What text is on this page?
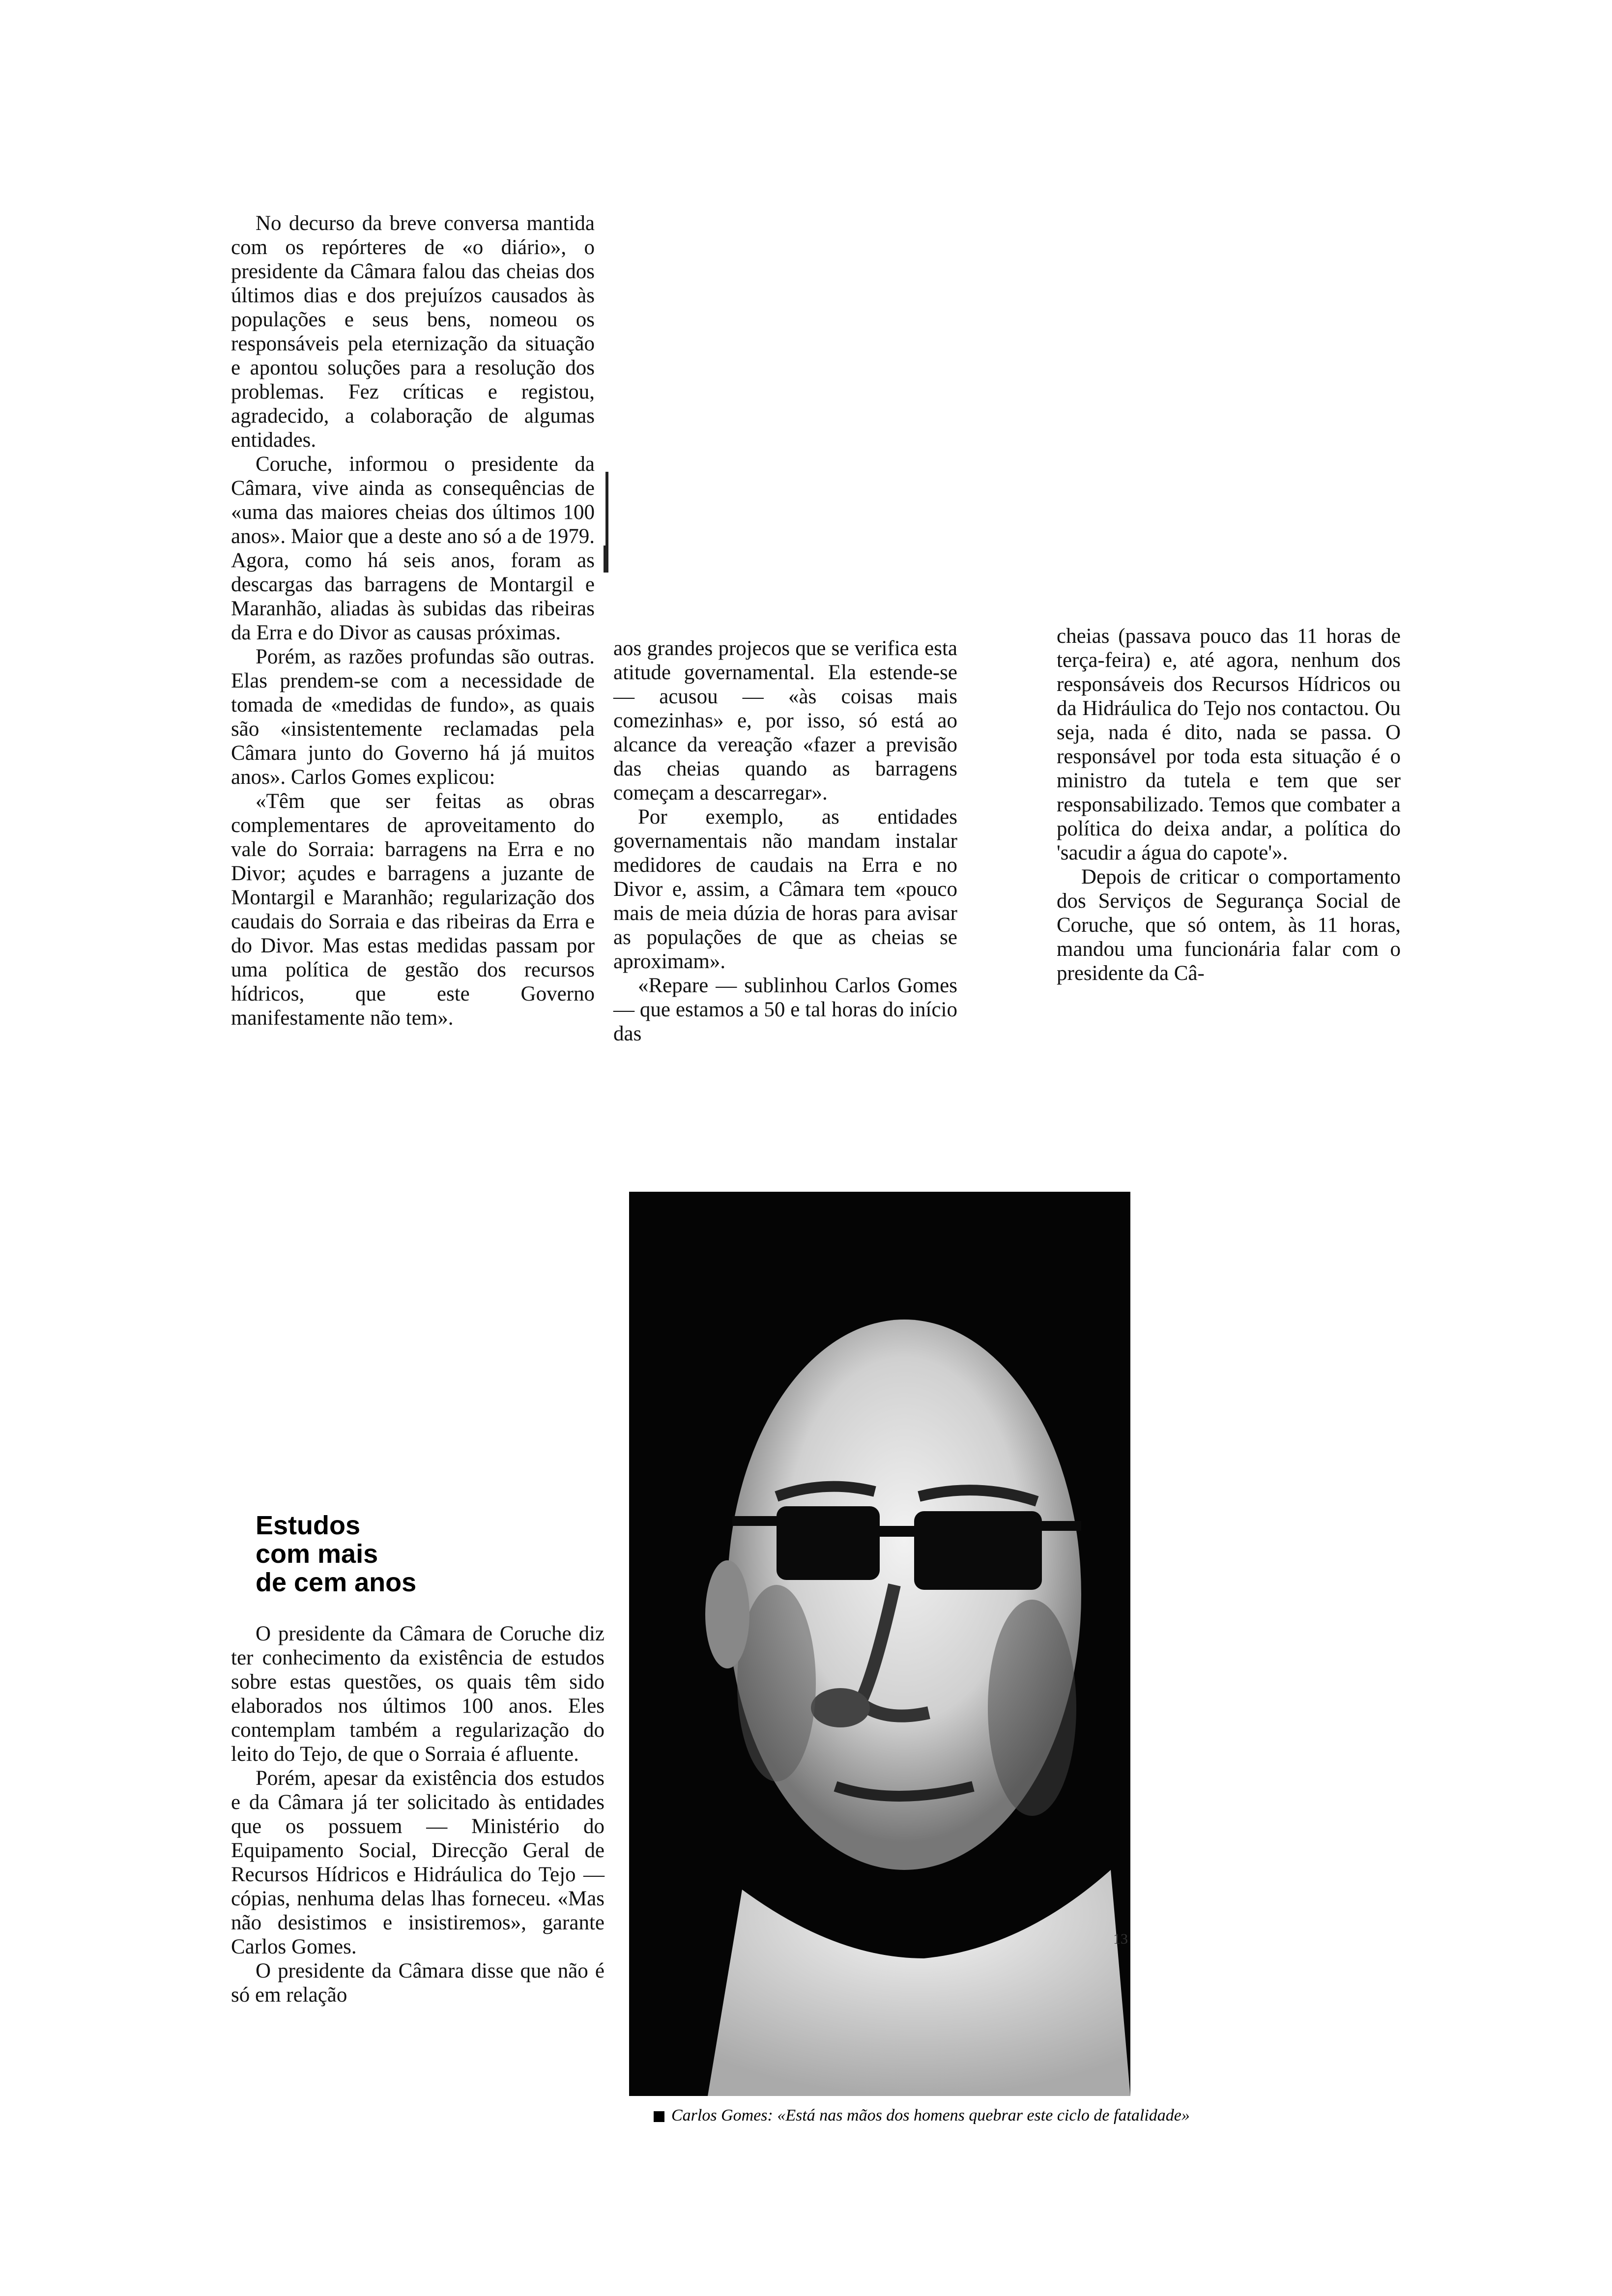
No decurso da breve conversa mantida com os repórteres de «o diário», o presidente da Câmara falou das cheias dos últimos dias e dos prejuízos causados às populações e seus bens, nomeou os responsáveis pela eternização da situação e apontou soluções para a resolução dos problemas. Fez críticas e registou, agradecido, a colaboração de algumas entidades.

Coruche, informou o presidente da Câmara, vive ainda as consequências de «uma das maiores cheias dos últimos 100 anos». Maior que a deste ano só a de 1979. Agora, como há seis anos, foram as descargas das barragens de Montargil e Maranhão, aliadas às subidas das ribeiras da Erra e do Divor as causas próximas.

Porém, as razões profundas são outras. Elas prendem-se com a necessidade de tomada de «medidas de fundo», as quais são «insistentemente reclamadas pela Câmara junto do Governo há já muitos anos». Carlos Gomes explicou:

«Têm que ser feitas as obras complementares de aproveitamento do vale do Sorraia: barragens na Erra e no Divor; açudes e barragens a juzante de Montargil e Maranhão; regularização dos caudais do Sorraia e das ribeiras da Erra e do Divor. Mas estas medidas passam por uma política de gestão dos recursos hídricos, que este Governo manifestamente não tem».

Estudos
com mais
de cem anos

O presidente da Câmara de Coruche diz ter conhecimento da existência de estudos sobre estas questões, os quais têm sido elaborados nos últimos 100 anos. Eles contemplam também a regularização do leito do Tejo, de que o Sorraia é afluente.

Porém, apesar da existência dos estudos e da Câmara já ter solicitado às entidades que os possuem — Ministério do Equipamento Social, Direcção Geral de Recursos Hídricos e Hidráulica do Tejo — cópias, nenhuma delas lhas forneceu. «Mas não desistimos e insistiremos», garante Carlos Gomes.

O presidente da Câmara disse que não é só em relação

aos grandes projecos que se verifica esta atitude governamental. Ela estende-se — acusou — «às coisas mais comezinhas» e, por isso, só está ao alcance da vereação «fazer a previsão das cheias quando as barragens começam a descarregar».

Por exemplo, as entidades governamentais não mandam instalar medidores de caudais na Erra e no Divor e, assim, a Câmara tem «pouco mais de meia dúzia de horas para avisar as populações de que as cheias se aproximam».

«Repare — sublinhou Carlos Gomes — que estamos a 50 e tal horas do início das

cheias (passava pouco das 11 horas de terça-feira) e, até agora, nenhum dos responsáveis dos Recursos Hídricos ou da Hidráulica do Tejo nos contactou. Ou seja, nada é dito, nada se passa. O responsável por toda esta situação é o ministro da tutela e tem que ser responsabilizado. Temos que combater a política do deixa andar, a política do 'sacudir a água do capote'».

Depois de criticar o comportamento dos Serviços de Segurança Social de Coruche, que só ontem, às 11 horas, mandou uma funcionária falar com o presidente da Câ-

13
Carlos Gomes: «Está nas mãos dos homens quebrar este ciclo de fatalidade»
